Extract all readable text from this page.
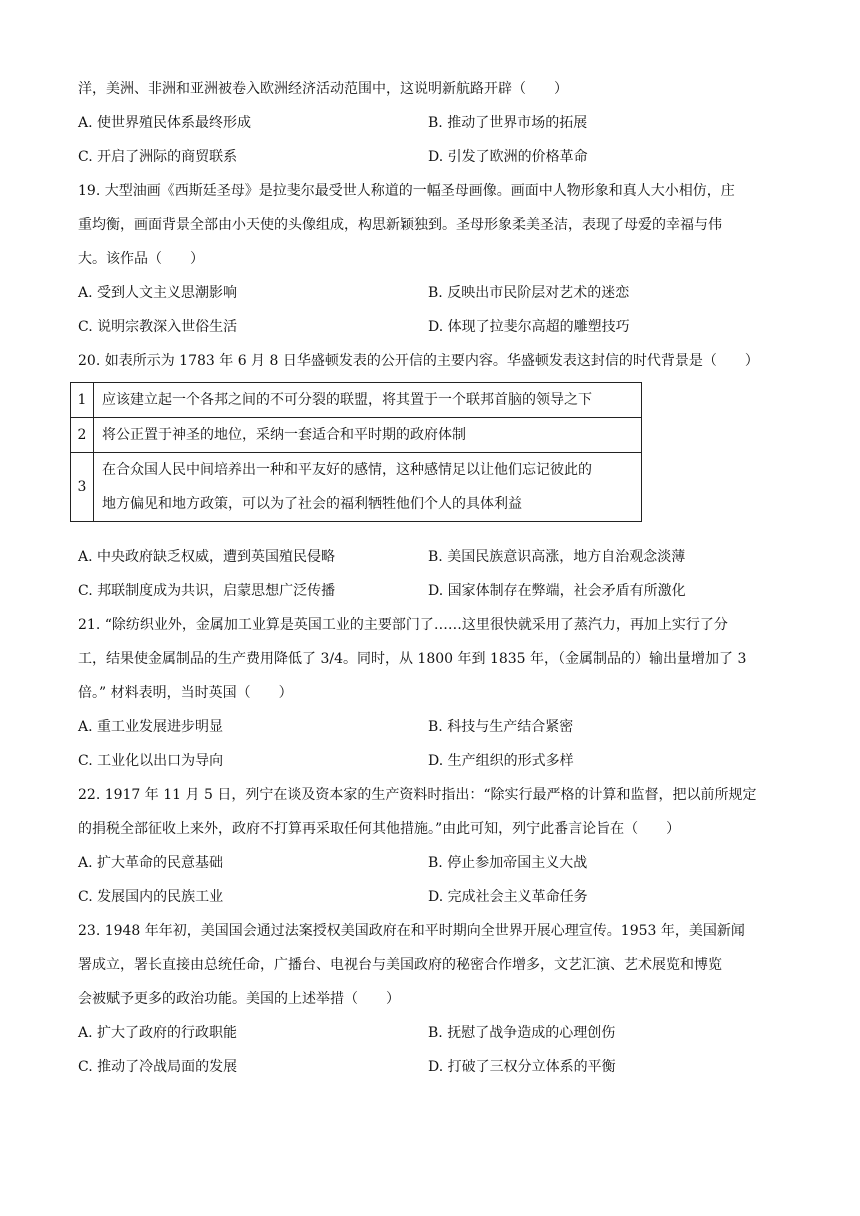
洋，美洲、非洲和亚洲被卷入欧洲经济活动范围中，这说明新航路开辟（　　）
A. 使世界殖民体系最终形成	B. 推动了世界市场的拓展
C. 开启了洲际的商贸联系	D. 引发了欧洲的价格革命
19. 大型油画《西斯廷圣母》是拉斐尔最受世人称道的一幅圣母画像。画面中人物形象和真人大小相仿，庄
重均衡，画面背景全部由小天使的头像组成，构思新颖独到。圣母形象柔美圣洁，表现了母爱的幸福与伟
大。该作品（　　）
A. 受到人文主义思潮影响	B. 反映出市民阶层对艺术的迷恋
C. 说明宗教深入世俗生活	D. 体现了拉斐尔高超的雕塑技巧
20. 如表所示为 1783 年 6 月 8 日华盛顿发表的公开信的主要内容。华盛顿发表这封信的时代背景是（　　）
1	应该建立起一个各邦之间的不可分裂的联盟，将其置于一个联邦首脑的领导之下

2	将公正置于神圣的地位，采纳一套适合和平时期的政府体制

3	在合众国人民中间培养出一种和平友好的感情，这种感情足以让他们忘记彼此的
地方偏见和地方政策，可以为了社会的福利牺牲他们个人的具体利益
A. 中央政府缺乏权威，遭到英国殖民侵略	B. 美国民族意识高涨，地方自治观念淡薄
C. 邦联制度成为共识，启蒙思想广泛传播	D. 国家体制存在弊端，社会矛盾有所激化
21. “除纺织业外，金属加工业算是英国工业的主要部门了……这里很快就采用了蒸汽力，再加上实行了分
工，结果使金属制品的生产费用降低了 3/4。同时，从 1800 年到 1835 年，（金属制品的）输出量增加了 3
倍。” 材料表明，当时英国（　　）
A. 重工业发展进步明显	B. 科技与生产结合紧密
C. 工业化以出口为导向	D. 生产组织的形式多样
22. 1917 年 11 月 5 日，列宁在谈及资本家的生产资料时指出：“除实行最严格的计算和监督，把以前所规定
的捐税全部征收上来外，政府不打算再采取任何其他措施。”由此可知，列宁此番言论旨在（　　）
A. 扩大革命的民意基础	B. 停止参加帝国主义大战
C. 发展国内的民族工业	D. 完成社会主义革命任务
23. 1948 年年初，美国国会通过法案授权美国政府在和平时期向全世界开展心理宣传。1953 年，美国新闻
署成立，署长直接由总统任命，广播台、电视台与美国政府的秘密合作增多，文艺汇演、艺术展览和博览
会被赋予更多的政治功能。美国的上述举措（　　）
A. 扩大了政府的行政职能	B. 抚慰了战争造成的心理创伤
C. 推动了冷战局面的发展	D. 打破了三权分立体系的平衡
